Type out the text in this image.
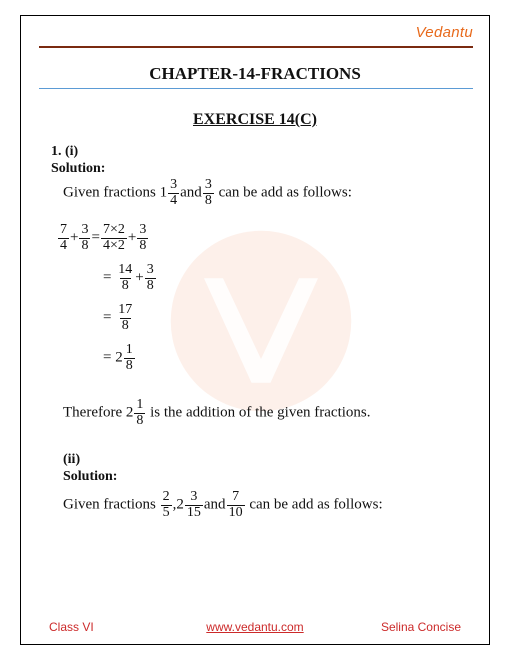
Vedantu
CHAPTER-14-FRACTIONS
EXERCISE 14(C)
1. (i)
Solution:
Given fractions $1 \frac{3}{4}$ and $\frac{3}{8}$ can be add as follows:
$\frac{7}{4} + \frac{3}{8} = \frac{7\times 2}{4\times 2} + \frac{3}{8}$
= $\frac{14}{8} + \frac{3}{8}$
= $\frac{17}{8}$
= $2 \frac{1}{8}$
Therefore $2 \frac{1}{8}$ is the addition of the given fractions.
(ii)
Solution:
Given fractions $\frac{2}{5} ,2 \frac{3}{15}$ and $\frac{7}{10}$ can be add as follows:
Class VI	www.vedantu.com	Selina Concise
